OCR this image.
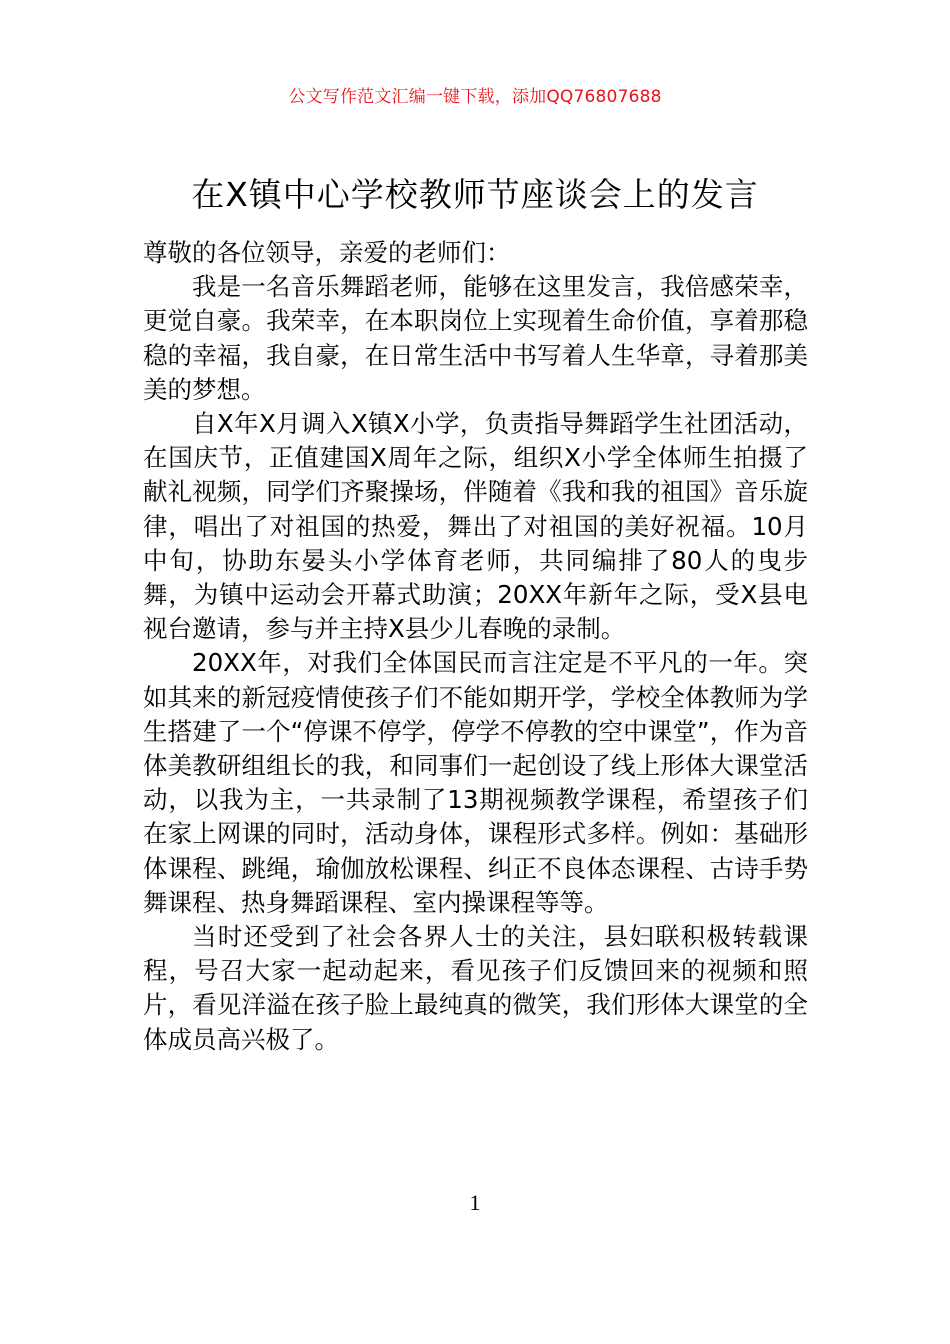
公文写作范文汇编一键下载，添加QQ76807688
在X镇中心学校教师节座谈会上的发言

尊敬的各位领导，亲爱的老师们：

我是一名音乐舞蹈老师，能够在这里发言，我倍感荣幸，更觉自豪。我荣幸，在本职岗位上实现着生命价值，享着那稳稳的幸福，我自豪，在日常生活中书写着人生华章，寻着那美美的梦想。

自X年X月调入X镇X小学，负责指导舞蹈学生社团活动，在国庆节，正值建国X周年之际，组织X小学全体师生拍摄了献礼视频，同学们齐聚操场，伴随着《我和我的祖国》音乐旋律，唱出了对祖国的热爱，舞出了对祖国的美好祝福。10月中旬，协助东晏头小学体育老师，共同编排了80人的曳步舞，为镇中运动会开幕式助演；20XX年新年之际，受X县电视台邀请，参与并主持X县少儿春晚的录制。

20XX年，对我们全体国民而言注定是不平凡的一年。突如其来的新冠疫情使孩子们不能如期开学，学校全体教师为学生搭建了一个“停课不停学，停学不停教的空中课堂”，作为音体美教研组组长的我，和同事们一起创设了线上形体大课堂活动，以我为主，一共录制了13期视频教学课程，希望孩子们在家上网课的同时，活动身体，课程形式多样。例如：基础形体课程、跳绳，瑜伽放松课程、纠正不良体态课程、古诗手势舞课程、热身舞蹈课程、室内操课程等等。

当时还受到了社会各界人士的关注，县妇联积极转载课程，号召大家一起动起来，看见孩子们反馈回来的视频和照片，看见洋溢在孩子脸上最纯真的微笑，我们形体大课堂的全体成员高兴极了。

1
